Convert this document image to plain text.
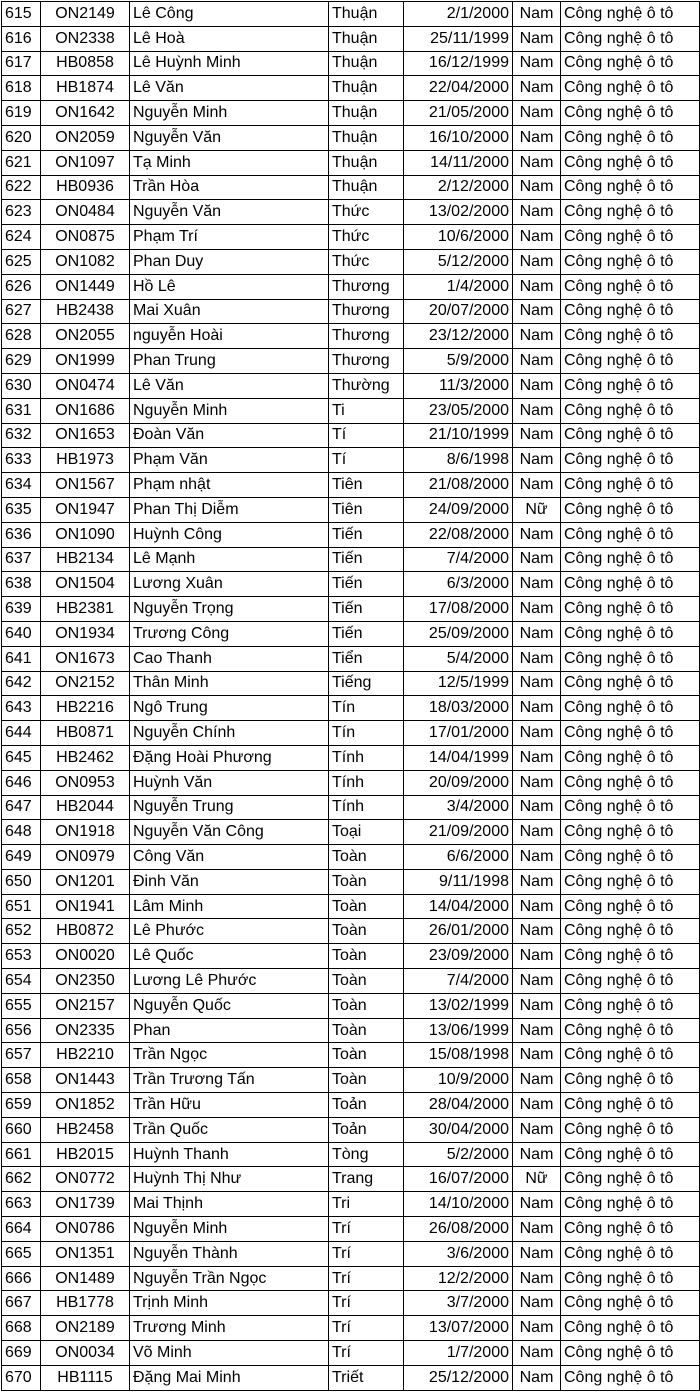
615	ON2149	Lê Công	Thuận	2/1/2000	Nam	Công nghệ ô tô
616	ON2338	Lê Hoà	Thuận	25/11/1999	Nam	Công nghệ ô tô
617	HB0858	Lê Huỳnh Minh	Thuận	16/12/1999	Nam	Công nghệ ô tô
618	HB1874	Lê Văn	Thuận	22/04/2000	Nam	Công nghệ ô tô
619	ON1642	Nguyễn Minh	Thuận	21/05/2000	Nam	Công nghệ ô tô
620	ON2059	Nguyễn Văn	Thuận	16/10/2000	Nam	Công nghệ ô tô
621	ON1097	Tạ Minh	Thuận	14/11/2000	Nam	Công nghệ ô tô
622	HB0936	Trần Hòa	Thuận	2/12/2000	Nam	Công nghệ ô tô
623	ON0484	Nguyễn Văn	Thức	13/02/2000	Nam	Công nghệ ô tô
624	ON0875	Phạm Trí	Thức	10/6/2000	Nam	Công nghệ ô tô
625	ON1082	Phan Duy	Thức	5/12/2000	Nam	Công nghệ ô tô
626	ON1449	Hồ Lê	Thương	1/4/2000	Nam	Công nghệ ô tô
627	HB2438	Mai Xuân	Thương	20/07/2000	Nam	Công nghệ ô tô
628	ON2055	nguyễn Hoài	Thương	23/12/2000	Nam	Công nghệ ô tô
629	ON1999	Phan Trung	Thương	5/9/2000	Nam	Công nghệ ô tô
630	ON0474	Lê Văn	Thường	11/3/2000	Nam	Công nghệ ô tô
631	ON1686	Nguyễn Minh	Ti	23/05/2000	Nam	Công nghệ ô tô
632	ON1653	Đoàn Văn	Tí	21/10/1999	Nam	Công nghệ ô tô
633	HB1973	Phạm Văn	Tí	8/6/1998	Nam	Công nghệ ô tô
634	ON1567	Phạm nhật	Tiên	21/08/2000	Nam	Công nghệ ô tô
635	ON1947	Phan Thị Diễm	Tiên	24/09/2000	Nữ	Công nghệ ô tô
636	ON1090	Huỳnh Công	Tiến	22/08/2000	Nam	Công nghệ ô tô
637	HB2134	Lê Mạnh	Tiến	7/4/2000	Nam	Công nghệ ô tô
638	ON1504	Lương Xuân	Tiến	6/3/2000	Nam	Công nghệ ô tô
639	HB2381	Nguyễn Trọng	Tiến	17/08/2000	Nam	Công nghệ ô tô
640	ON1934	Trương Công	Tiến	25/09/2000	Nam	Công nghệ ô tô
641	ON1673	Cao Thanh	Tiển	5/4/2000	Nam	Công nghệ ô tô
642	ON2152	Thân Minh	Tiếng	12/5/1999	Nam	Công nghệ ô tô
643	HB2216	Ngô Trung	Tín	18/03/2000	Nam	Công nghệ ô tô
644	HB0871	Nguyễn Chính	Tín	17/01/2000	Nam	Công nghệ ô tô
645	HB2462	Đặng Hoài Phương	Tính	14/04/1999	Nam	Công nghệ ô tô
646	ON0953	Huỳnh Văn	Tính	20/09/2000	Nam	Công nghệ ô tô
647	HB2044	Nguyễn Trung	Tính	3/4/2000	Nam	Công nghệ ô tô
648	ON1918	Nguyễn Văn Công	Toại	21/09/2000	Nam	Công nghệ ô tô
649	ON0979	Công Văn	Toàn	6/6/2000	Nam	Công nghệ ô tô
650	ON1201	Đinh Văn	Toàn	9/11/1998	Nam	Công nghệ ô tô
651	ON1941	Lâm Minh	Toàn	14/04/2000	Nam	Công nghệ ô tô
652	HB0872	Lê Phước	Toàn	26/01/2000	Nam	Công nghệ ô tô
653	ON0020	Lê Quốc	Toàn	23/09/2000	Nam	Công nghệ ô tô
654	ON2350	Lương Lê Phước	Toàn	7/4/2000	Nam	Công nghệ ô tô
655	ON2157	Nguyễn Quốc	Toàn	13/02/1999	Nam	Công nghệ ô tô
656	ON2335	Phan	Toàn	13/06/1999	Nam	Công nghệ ô tô
657	HB2210	Trần Ngọc	Toàn	15/08/1998	Nam	Công nghệ ô tô
658	ON1443	Trần Trương Tấn	Toàn	10/9/2000	Nam	Công nghệ ô tô
659	ON1852	Trần Hữu	Toản	28/04/2000	Nam	Công nghệ ô tô
660	HB2458	Trần Quốc	Toản	30/04/2000	Nam	Công nghệ ô tô
661	HB2015	Huỳnh Thanh	Tòng	5/2/2000	Nam	Công nghệ ô tô
662	ON0772	Huỳnh Thị Như	Trang	16/07/2000	Nữ	Công nghệ ô tô
663	ON1739	Mai Thịnh	Tri	14/10/2000	Nam	Công nghệ ô tô
664	ON0786	Nguyễn Minh	Trí	26/08/2000	Nam	Công nghệ ô tô
665	ON1351	Nguyễn Thành	Trí	3/6/2000	Nam	Công nghệ ô tô
666	ON1489	Nguyễn Trần Ngọc	Trí	12/2/2000	Nam	Công nghệ ô tô
667	HB1778	Trịnh Minh	Trí	3/7/2000	Nam	Công nghệ ô tô
668	ON2189	Trương Minh	Trí	13/07/2000	Nam	Công nghệ ô tô
669	ON0034	Võ Minh	Trí	1/7/2000	Nam	Công nghệ ô tô
670	HB1115	Đặng Mai Minh	Triết	25/12/2000	Nam	Công nghệ ô tô
